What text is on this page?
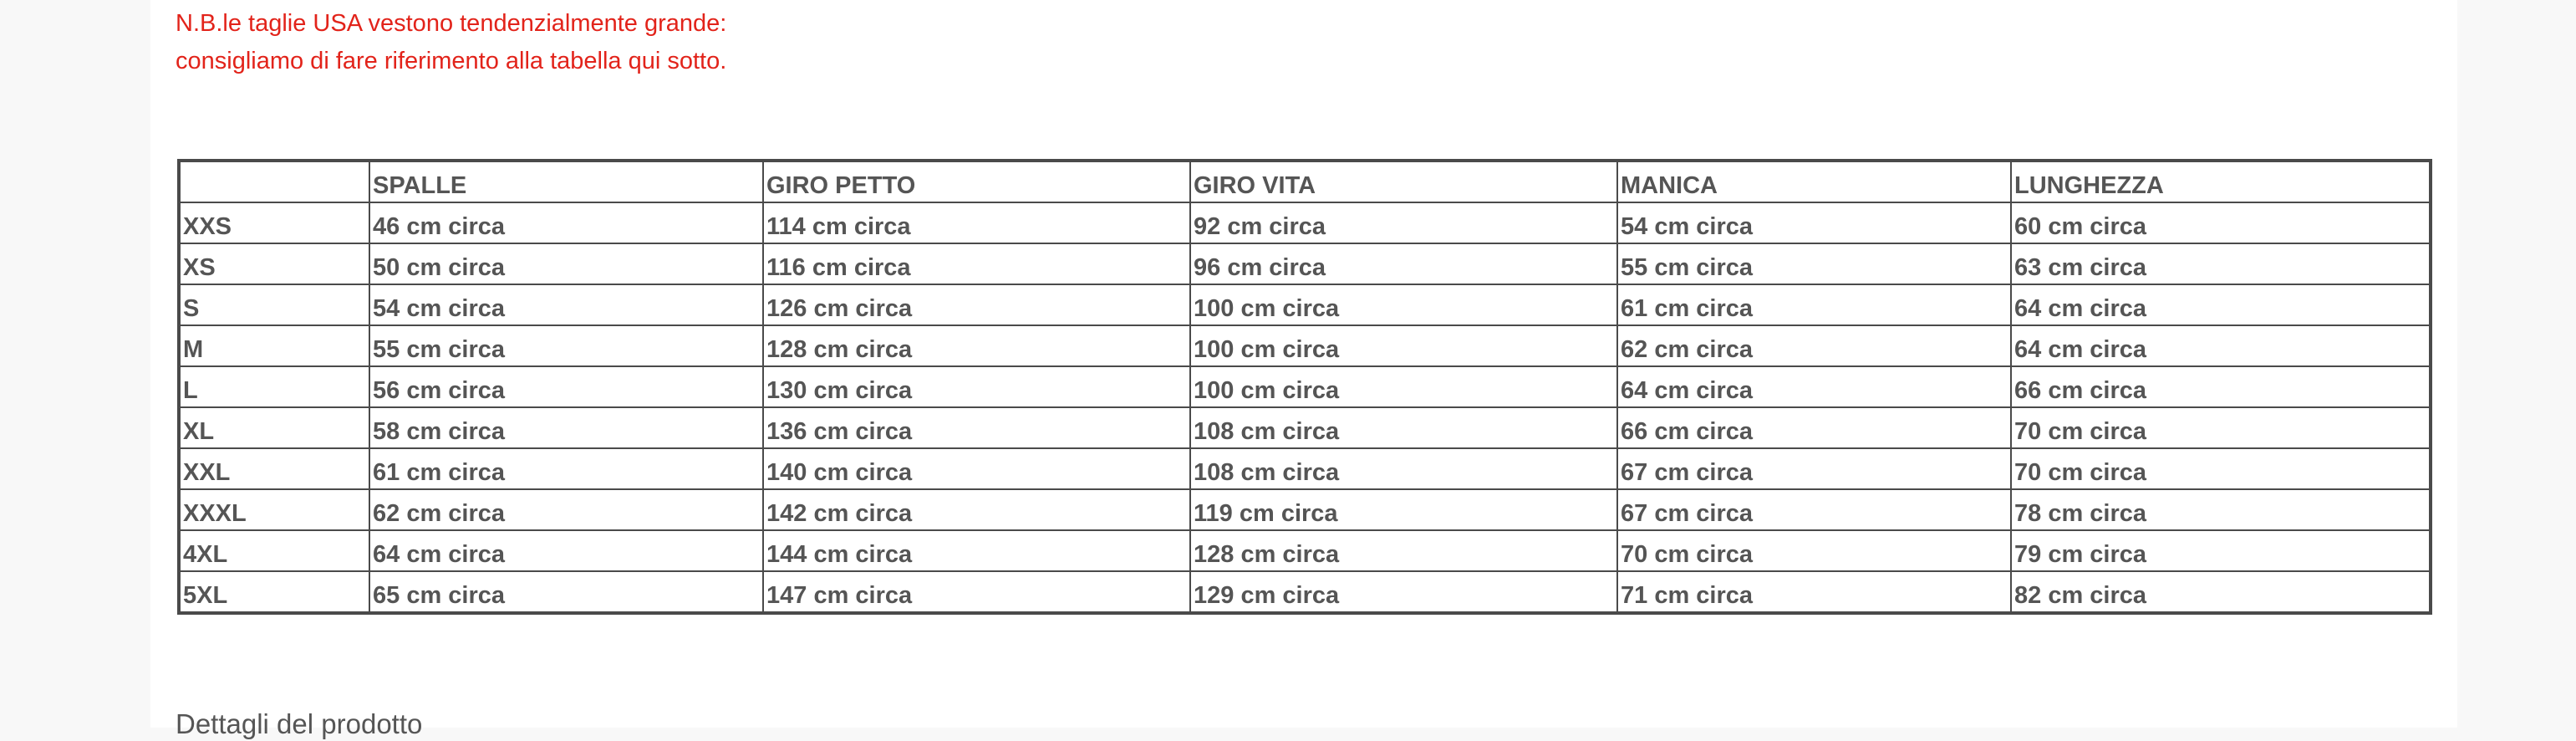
N.B.le taglie USA vestono tendenzialmente grande:
consigliamo di fare riferimento alla tabella qui sotto.

	SPALLE	GIRO PETTO	GIRO VITA	MANICA	LUNGHEZZA
XXS	46 cm circa	114 cm circa	92 cm circa	54 cm circa	60 cm circa
XS	50 cm circa	116 cm circa	96 cm circa	55 cm circa	63 cm circa
S	54 cm circa	126 cm circa	100 cm circa	61 cm circa	64 cm circa
M	55 cm circa	128 cm circa	100 cm circa	62 cm circa	64 cm circa
L	56 cm circa	130 cm circa	100 cm circa	64 cm circa	66 cm circa
XL	58 cm circa	136 cm circa	108 cm circa	66 cm circa	70 cm circa
XXL	61 cm circa	140 cm circa	108 cm circa	67 cm circa	70 cm circa
XXXL	62 cm circa	142 cm circa	119 cm circa	67 cm circa	78 cm circa
4XL	64 cm circa	144 cm circa	128 cm circa	70 cm circa	79 cm circa
5XL	65 cm circa	147 cm circa	129 cm circa	71 cm circa	82 cm circa
Dettagli del prodotto
